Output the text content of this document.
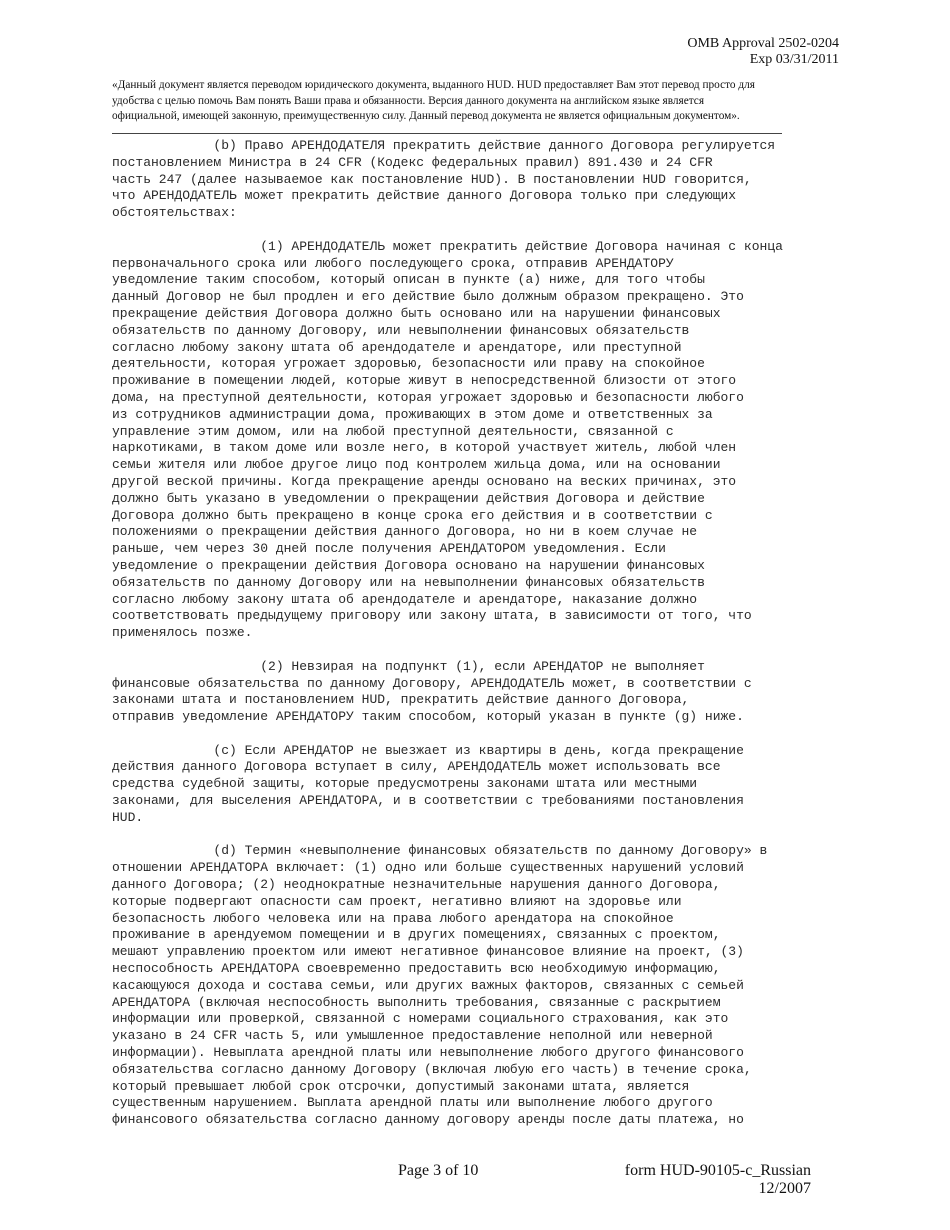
OMB Approval 2502-0204
Exp 03/31/2011
«Данный документ является переводом юридического документа, выданного HUD. HUD предоставляет Вам этот перевод просто для
удобства с целью помочь Вам понять Ваши права и обязанности. Версия данного документа на английском языке является
официальной, имеющей законную, преимущественную силу. Данный перевод документа не является официальным документом».
(b) Право АРЕНДОДАТЕЛЯ прекратить действие данного Договора регулируется
постановлением Министра в 24 CFR (Кодекс федеральных правил) 891.430 и 24 CFR
часть 247 (далее называемое как постановление HUD). В постановлении HUD говорится,
что АРЕНДОДАТЕЛЬ может прекратить действие данного Договора только при следующих
обстоятельствах:
(1) АРЕНДОДАТЕЛЬ может прекратить действие Договора начиная с конца
первоначального срока или любого последующего срока, отправив АРЕНДАТОРУ
уведомление таким способом, который описан в пункте (a) ниже, для того чтобы
данный Договор не был продлен и его действие было должным образом прекращено. Это
прекращение действия Договора должно быть основано или на нарушении финансовых
обязательств по данному Договору, или невыполнении финансовых обязательств
согласно любому закону штата об арендодателе и арендаторе, или преступной
деятельности, которая угрожает здоровью, безопасности или праву на спокойное
проживание в помещении людей, которые живут в непосредственной близости от этого
дома, на преступной деятельности, которая угрожает здоровью и безопасности любого
из сотрудников администрации дома, проживающих в этом доме и ответственных за
управление этим домом, или на любой преступной деятельности, связанной с
наркотиками, в таком доме или возле него, в которой участвует житель, любой член
семьи жителя или любое другое лицо под контролем жильца дома, или на основании
другой веской причины. Когда прекращение аренды основано на веских причинах, это
должно быть указано в уведомлении о прекращении действия Договора и действие
Договора должно быть прекращено в конце срока его действия и в соответствии с
положениями о прекращении действия данного Договора, но ни в коем случае не
раньше, чем через 30 дней после получения АРЕНДАТОРОМ уведомления. Если
уведомление о прекращении действия Договора основано на нарушении финансовых
обязательств по данному Договору или на невыполнении финансовых обязательств
согласно любому закону штата об арендодателе и арендаторе, наказание должно
соответствовать предыдущему приговору или закону штата, в зависимости от того, что
применялось позже.
(2) Невзирая на подпункт (1), если АРЕНДАТОР не выполняет
финансовые обязательства по данному Договору, АРЕНДОДАТЕЛЬ может, в соответствии с
законами штата и постановлением HUD, прекратить действие данного Договора,
отправив уведомление АРЕНДАТОРУ таким способом, который указан в пункте (g) ниже.
(c) Если АРЕНДАТОР не выезжает из квартиры в день, когда прекращение
действия данного Договора вступает в силу, АРЕНДОДАТЕЛЬ может использовать все
средства судебной защиты, которые предусмотрены законами штата или местными
законами, для выселения АРЕНДАТОРА, и в соответствии с требованиями постановления
HUD.
(d) Термин «невыполнение финансовых обязательств по данному Договору» в
отношении АРЕНДАТОРА включает: (1) одно или больше существенных нарушений условий
данного Договора; (2) неоднократные незначительные нарушения данного Договора,
которые подвергают опасности сам проект, негативно влияют на здоровье или
безопасность любого человека или на права любого арендатора на спокойное
проживание в арендуемом помещении и в других помещениях, связанных с проектом,
мешают управлению проектом или имеют негативное финансовое влияние на проект, (3)
неспособность АРЕНДАТОРА своевременно предоставить всю необходимую информацию,
касающуюся дохода и состава семьи, или других важных факторов, связанных с семьей
АРЕНДАТОРА (включая неспособность выполнить требования, связанные с раскрытием
информации или проверкой, связанной с номерами социального страхования, как это
указано в 24 CFR часть 5, или умышленное предоставление неполной или неверной
информации). Невыплата арендной платы или невыполнение любого другого финансового
обязательства согласно данному Договору (включая любую его часть) в течение срока,
который превышает любой срок отсрочки, допустимый законами штата, является
существенным нарушением. Выплата арендной платы или выполнение любого другого
финансового обязательства согласно данному договору аренды после даты платежа, но
Page 3 of 10	form HUD-90105-c_Russian
12/2007
